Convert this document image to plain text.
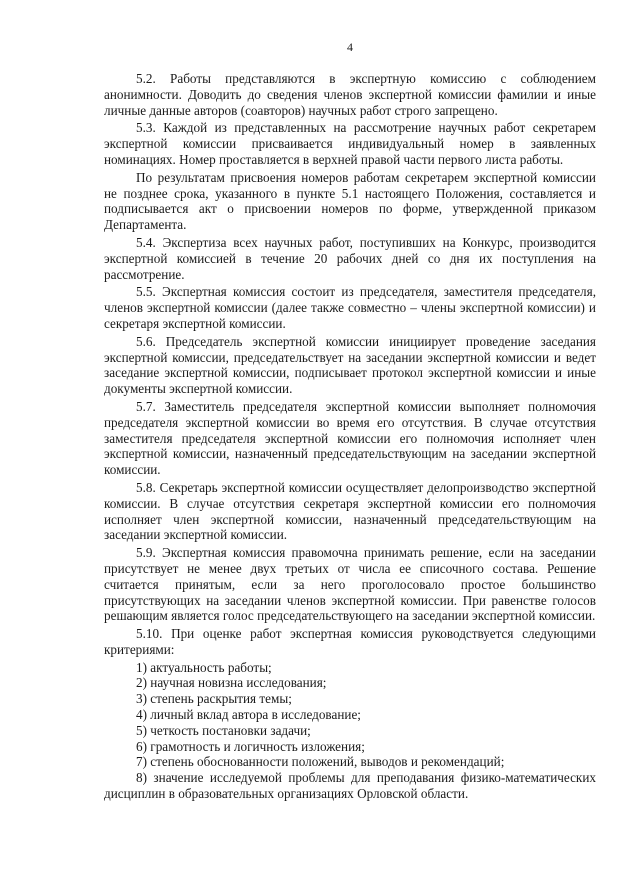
4

5.2. Работы представляются в экспертную комиссию с соблюдением анонимности. Доводить до сведения членов экспертной комиссии фамилии и иные личные данные авторов (соавторов) научных работ строго запрещено.

5.3. Каждой из представленных на рассмотрение научных работ секретарем экспертной комиссии присваивается индивидуальный номер в заявленных номинациях. Номер проставляется в верхней правой части первого листа работы.

По результатам присвоения номеров работам секретарем экспертной комиссии не позднее срока, указанного в пункте 5.1 настоящего Положения, составляется и подписывается акт о присвоении номеров по форме, утвержденной приказом Департамента.

5.4. Экспертиза всех научных работ, поступивших на Конкурс, производится экспертной комиссией в течение 20 рабочих дней со дня их поступления на рассмотрение.

5.5. Экспертная комиссия состоит из председателя, заместителя председателя, членов экспертной комиссии (далее также совместно – члены экспертной комиссии) и секретаря экспертной комиссии.

5.6. Председатель экспертной комиссии инициирует проведение заседания экспертной комиссии, председательствует на заседании экспертной комиссии и ведет заседание экспертной комиссии, подписывает протокол экспертной комиссии и иные документы экспертной комиссии.

5.7. Заместитель председателя экспертной комиссии выполняет полномочия председателя экспертной комиссии во время его отсутствия. В случае отсутствия заместителя председателя экспертной комиссии его полномочия исполняет член экспертной комиссии, назначенный председательствующим на заседании экспертной комиссии.

5.8. Секретарь экспертной комиссии осуществляет делопроизводство экспертной комиссии. В случае отсутствия секретаря экспертной комиссии его полномочия исполняет член экспертной комиссии, назначенный председательствующим на заседании экспертной комиссии.

5.9. Экспертная комиссия правомочна принимать решение, если на заседании присутствует не менее двух третьих от числа ее списочного состава. Решение считается принятым, если за него проголосовало простое большинство присутствующих на заседании членов экспертной комиссии. При равенстве голосов решающим является голос председательствующего на заседании экспертной комиссии.

5.10. При оценке работ экспертная комиссия руководствуется следующими критериями:

1) актуальность работы;
2) научная новизна исследования;
3) степень раскрытия темы;
4) личный вклад автора в исследование;
5) четкость постановки задачи;
6) грамотность и логичность изложения;
7) степень обоснованности положений, выводов и рекомендаций;
8) значение исследуемой проблемы для преподавания физико-математических дисциплин в образовательных организациях Орловской области.
